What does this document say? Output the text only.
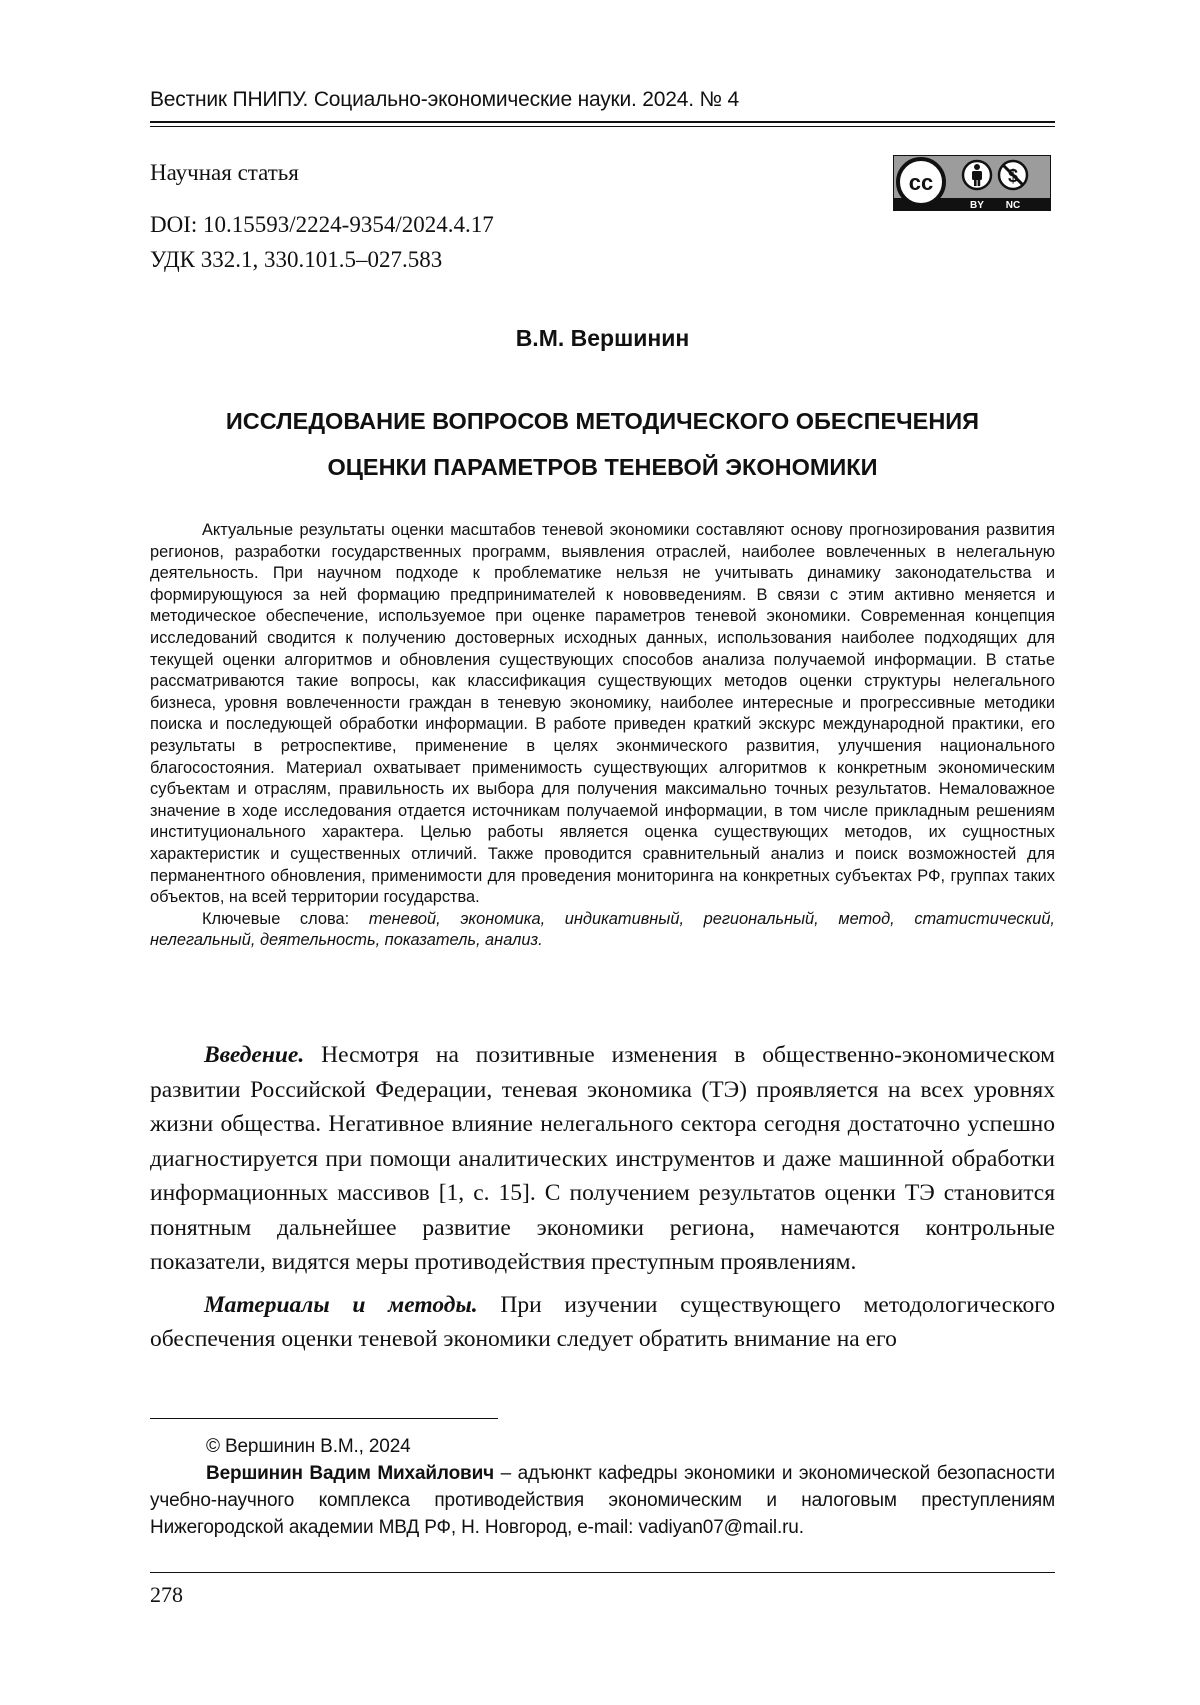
Вестник ПНИПУ. Социально-экономические науки. 2024. № 4
Научная статья
DOI: 10.15593/2224-9354/2024.4.17
УДК 332.1, 330.101.5–027.583
cc
BY NC
В.М. Вершинин
ИССЛЕДОВАНИЕ ВОПРОСОВ МЕТОДИЧЕСКОГО ОБЕСПЕЧЕНИЯ
ОЦЕНКИ ПАРАМЕТРОВ ТЕНЕВОЙ ЭКОНОМИКИ

Актуальные результаты оценки масштабов теневой экономики составляют основу прогнозирования развития регионов, разработки государственных программ, выявления отраслей, наиболее вовлеченных в нелегальную деятельность. При научном подходе к проблематике нельзя не учитывать динамику законодательства и формирующуюся за ней формацию предпринимателей к нововведениям. В связи с этим активно меняется и методическое обеспечение, используемое при оценке параметров теневой экономики. Современная концепция исследований сводится к получению достоверных исходных данных, использования наиболее подходящих для текущей оценки алгоритмов и обновления существующих способов анализа получаемой информации. В статье рассматриваются такие вопросы, как классификация существующих методов оценки структуры нелегального бизнеса, уровня вовлеченности граждан в теневую экономику, наиболее интересные и прогрессивные методики поиска и последующей обработки информации. В работе приведен краткий экскурс международной практики, его результаты в ретроспективе, применение в целях эконмического развития, улучшения национального благосостояния. Материал охватывает применимость существующих алгоритмов к конкретным экономическим субъектам и отраслям, правильность их выбора для получения максимально точных результатов. Немаловажное значение в ходе исследования отдается источникам получаемой информации, в том числе прикладным решениям институционального характера. Целью работы является оценка существующих методов, их сущностных характеристик и существенных отличий. Также проводится сравнительный анализ и поиск возможностей для перманентного обновления, применимости для проведения мониторинга на конкретных субъектах РФ, группах таких объектов, на всей территории государства.

Ключевые слова: теневой, экономика, индикативный, региональный, метод, статистический, нелегальный, деятельность, показатель, анализ.

Введение. Несмотря на позитивные изменения в общественно-экономическом развитии Российской Федерации, теневая экономика (ТЭ) проявляется на всех уровнях жизни общества. Негативное влияние нелегального сектора сегодня достаточно успешно диагностируется при помощи аналитических инструментов и даже машинной обработки информационных массивов [1, с. 15]. С получением результатов оценки ТЭ становится понятным дальнейшее развитие экономики региона, намечаются контрольные показатели, видятся меры противодействия преступным проявлениям.

Материалы и методы. При изучении существующего методологического обеспечения оценки теневой экономики следует обратить внимание на его

© Вершинин В.М., 2024

Вершинин Вадим Михайлович – адъюнкт кафедры экономики и экономической безопасности учебно-научного комплекса противодействия экономическим и налоговым преступлениям Нижегородской академии МВД РФ, Н. Новгород, e-mail: vadiyan07@mail.ru.

278
